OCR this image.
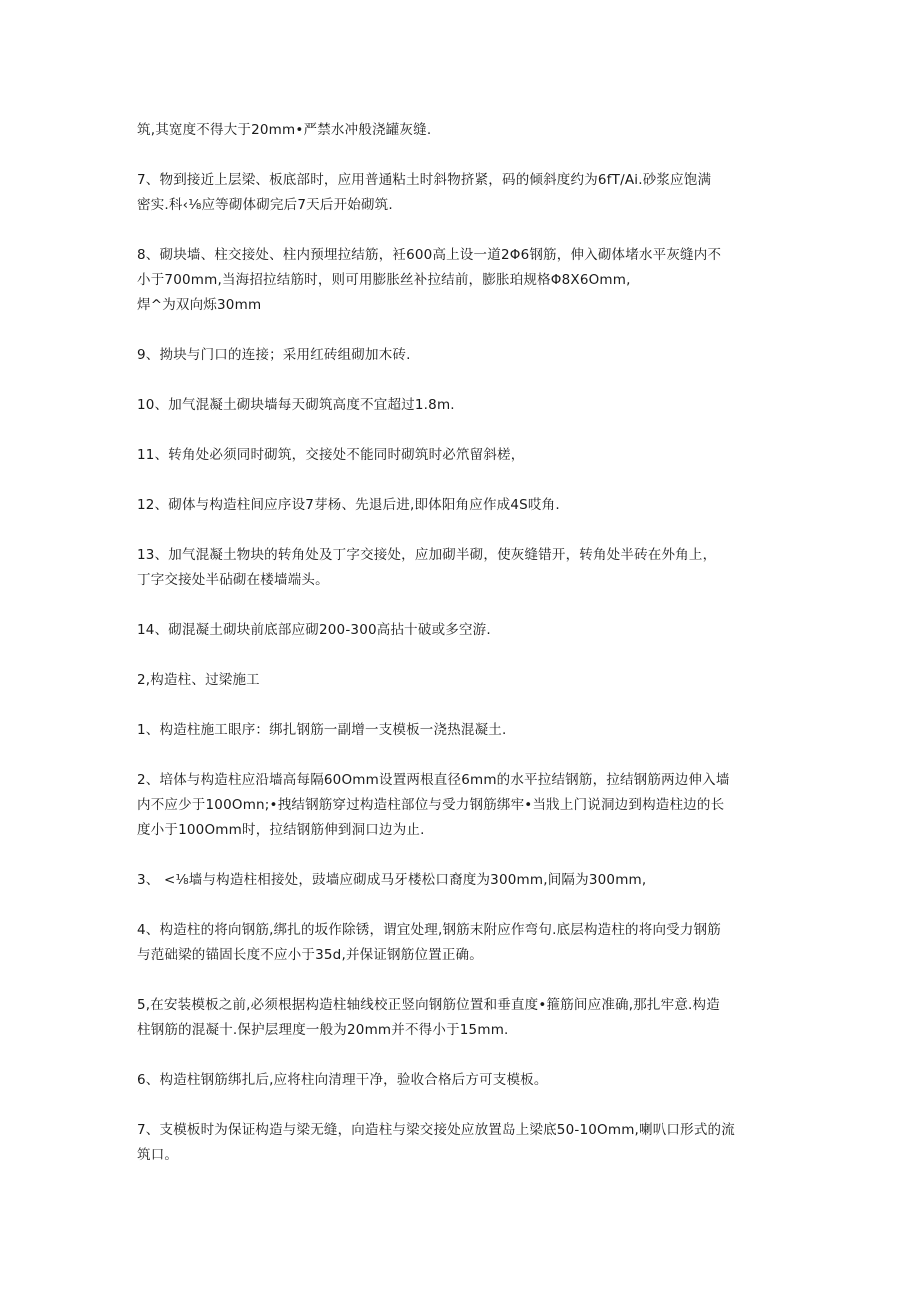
筑,其宽度不得大于20mm•严禁水冲般浇罐灰缝.
7、物到接近上层梁、板底部时，应用普通粘土时斜物挤紧，码的倾斜度约为6fT∕Ai.砂浆应饱满
密实.科‹⅛应等砌体砌完后7天后开始砌筑.
8、砌块墙、柱交接处、柱内预埋拉结筋，衽600高上设一道2Φ6钢筋，伸入砌体堵水平灰缝内不
小于700mm,当海招拉结筋时，则可用膨胀丝补拉结前，膨胀珀规格Φ8X6Omm,
焊^为双向烁30mm
9、拗块与门口的连接；采用红砖组砌加木砖.
10、加气混凝土砌块墙每天砌筑高度不宜超过1.8m.
11、转角处必须同时砌筑，交接处不能同时砌筑时必笊留斜槎，
12、砌体与构造柱间应序设7芽杨、先退后进,即体阳角应作成4S哎角.
13、加气混凝土物块的转角处及丁字交接处，应加砌半砌，使灰缝错开，转角处半砖在外角上，
丁字交接处半砧砌在楼墙端头。
14、砌混凝土砌块前底部应砌200-300高拈十破或多空游.
2,构造柱、过梁施工
1、构造柱施工眼序：绑扎钢筋一副增一支模板一浇热混凝土.
2、培体与构造柱应沿墙高每隔60Omm设置两根直径6mm的水平拉结钢筋，拉结钢筋两边伸入墙
内不应少于100Omn;•拽结钢筋穿过构造柱部位与受力钢筋绑牢•当戕上门说洞边到构造柱边的长
度小于100Omm时，拉结钢筋伸到洞口边为止.
3、 <⅛墙与构造柱相接处，豉墙应砌成马牙楼松口裔度为300mm,间隔为300mm,
4、构造柱的将向钢筋,绑扎的坂作除锈，谓宜处理,钢筋末附应作弯句.底层构造柱的将向受力钢筋
与范础梁的锚固长度不应小于35d,并保证钢筋位置正确。
5,在安装模板之前,必须根据构造柱轴线校正竖向钢筋位置和垂直度•箍筋间应准确,那扎牢意.构造
柱钢筋的混凝十.保护层理度一般为20mm并不得小于15mm.
6、构造柱钢筋绑扎后,应将柱向清理干净，验收合格后方可支模板。
7、支模板时为保证构造与梁无缝，向造柱与梁交接处应放置岛上梁底50-10Omm,喇叭口形式的流
筑口。
